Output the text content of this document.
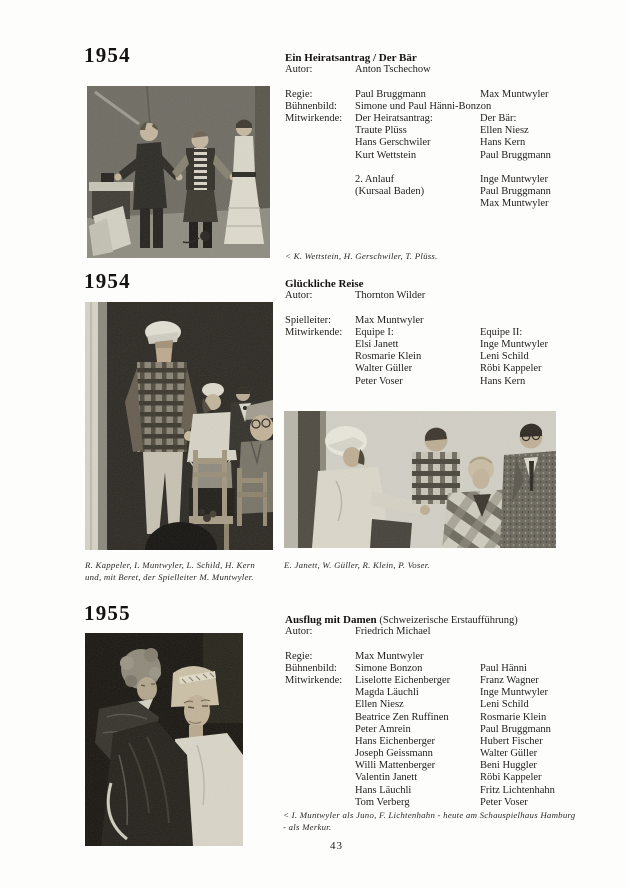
1954	Ein Heiratsantrag / Der Bär
Autor:	Anton Tschechow
Regie:	Paul Bruggmann	Max Muntwyler
Bühnenbild:	Simone und Paul Hänni-Bonzon
Mitwirkende:	Der Heiratsantrag:	Der Bär:
Traute Plüss	Ellen Niesz
Hans Gerschwiler	Hans Kern
Kurt Wettstein	Paul Bruggmann
2. Anlauf	Inge Muntwyler
(Kursaal Baden)	Paul Bruggmann
Max Muntwyler
< K. Wettstein, H. Gerschwiler, T. Plüss.
1954	Glückliche Reise
Autor:	Thornton Wilder
Spielleiter:	Max Muntwyler
Mitwirkende:	Equipe I:	Equipe II:
Elsi Janett	Inge Muntwyler
Rosmarie Klein	Leni Schild
Walter Güller	Röbi Kappeler
Peter Voser	Hans Kern
R. Kappeler, I. Muntwyler, L. Schild, H. Kern und, mit Beret, der Spielleiter M. Muntwyler.
E. Janett, W. Güller, R. Klein, P. Voser.
1955	Ausflug mit Damen (Schweizerische Erstaufführung)
Autor:	Friedrich Michael
Regie:	Max Muntwyler
Bühnenbild:	Simone Bonzon	Paul Hänni
Mitwirkende:	Liselotte Eichenberger	Franz Wagner
Magda Läuchli	Inge Muntwyler
Ellen Niesz	Leni Schild
Beatrice Zen Ruffinen	Rosmarie Klein
Peter Amrein	Paul Bruggmann
Hans Eichenberger	Hubert Fischer
Joseph Geissmann	Walter Güller
Willi Mattenberger	Beni Huggler
Valentin Janett	Röbi Kappeler
Hans Läuchli	Fritz Lichtenhahn
Tom Verberg	Peter Voser
< I. Muntwyler als Juno, F. Lichtenhahn - heute am Schauspielhaus Hamburg - als Merkur.
43
